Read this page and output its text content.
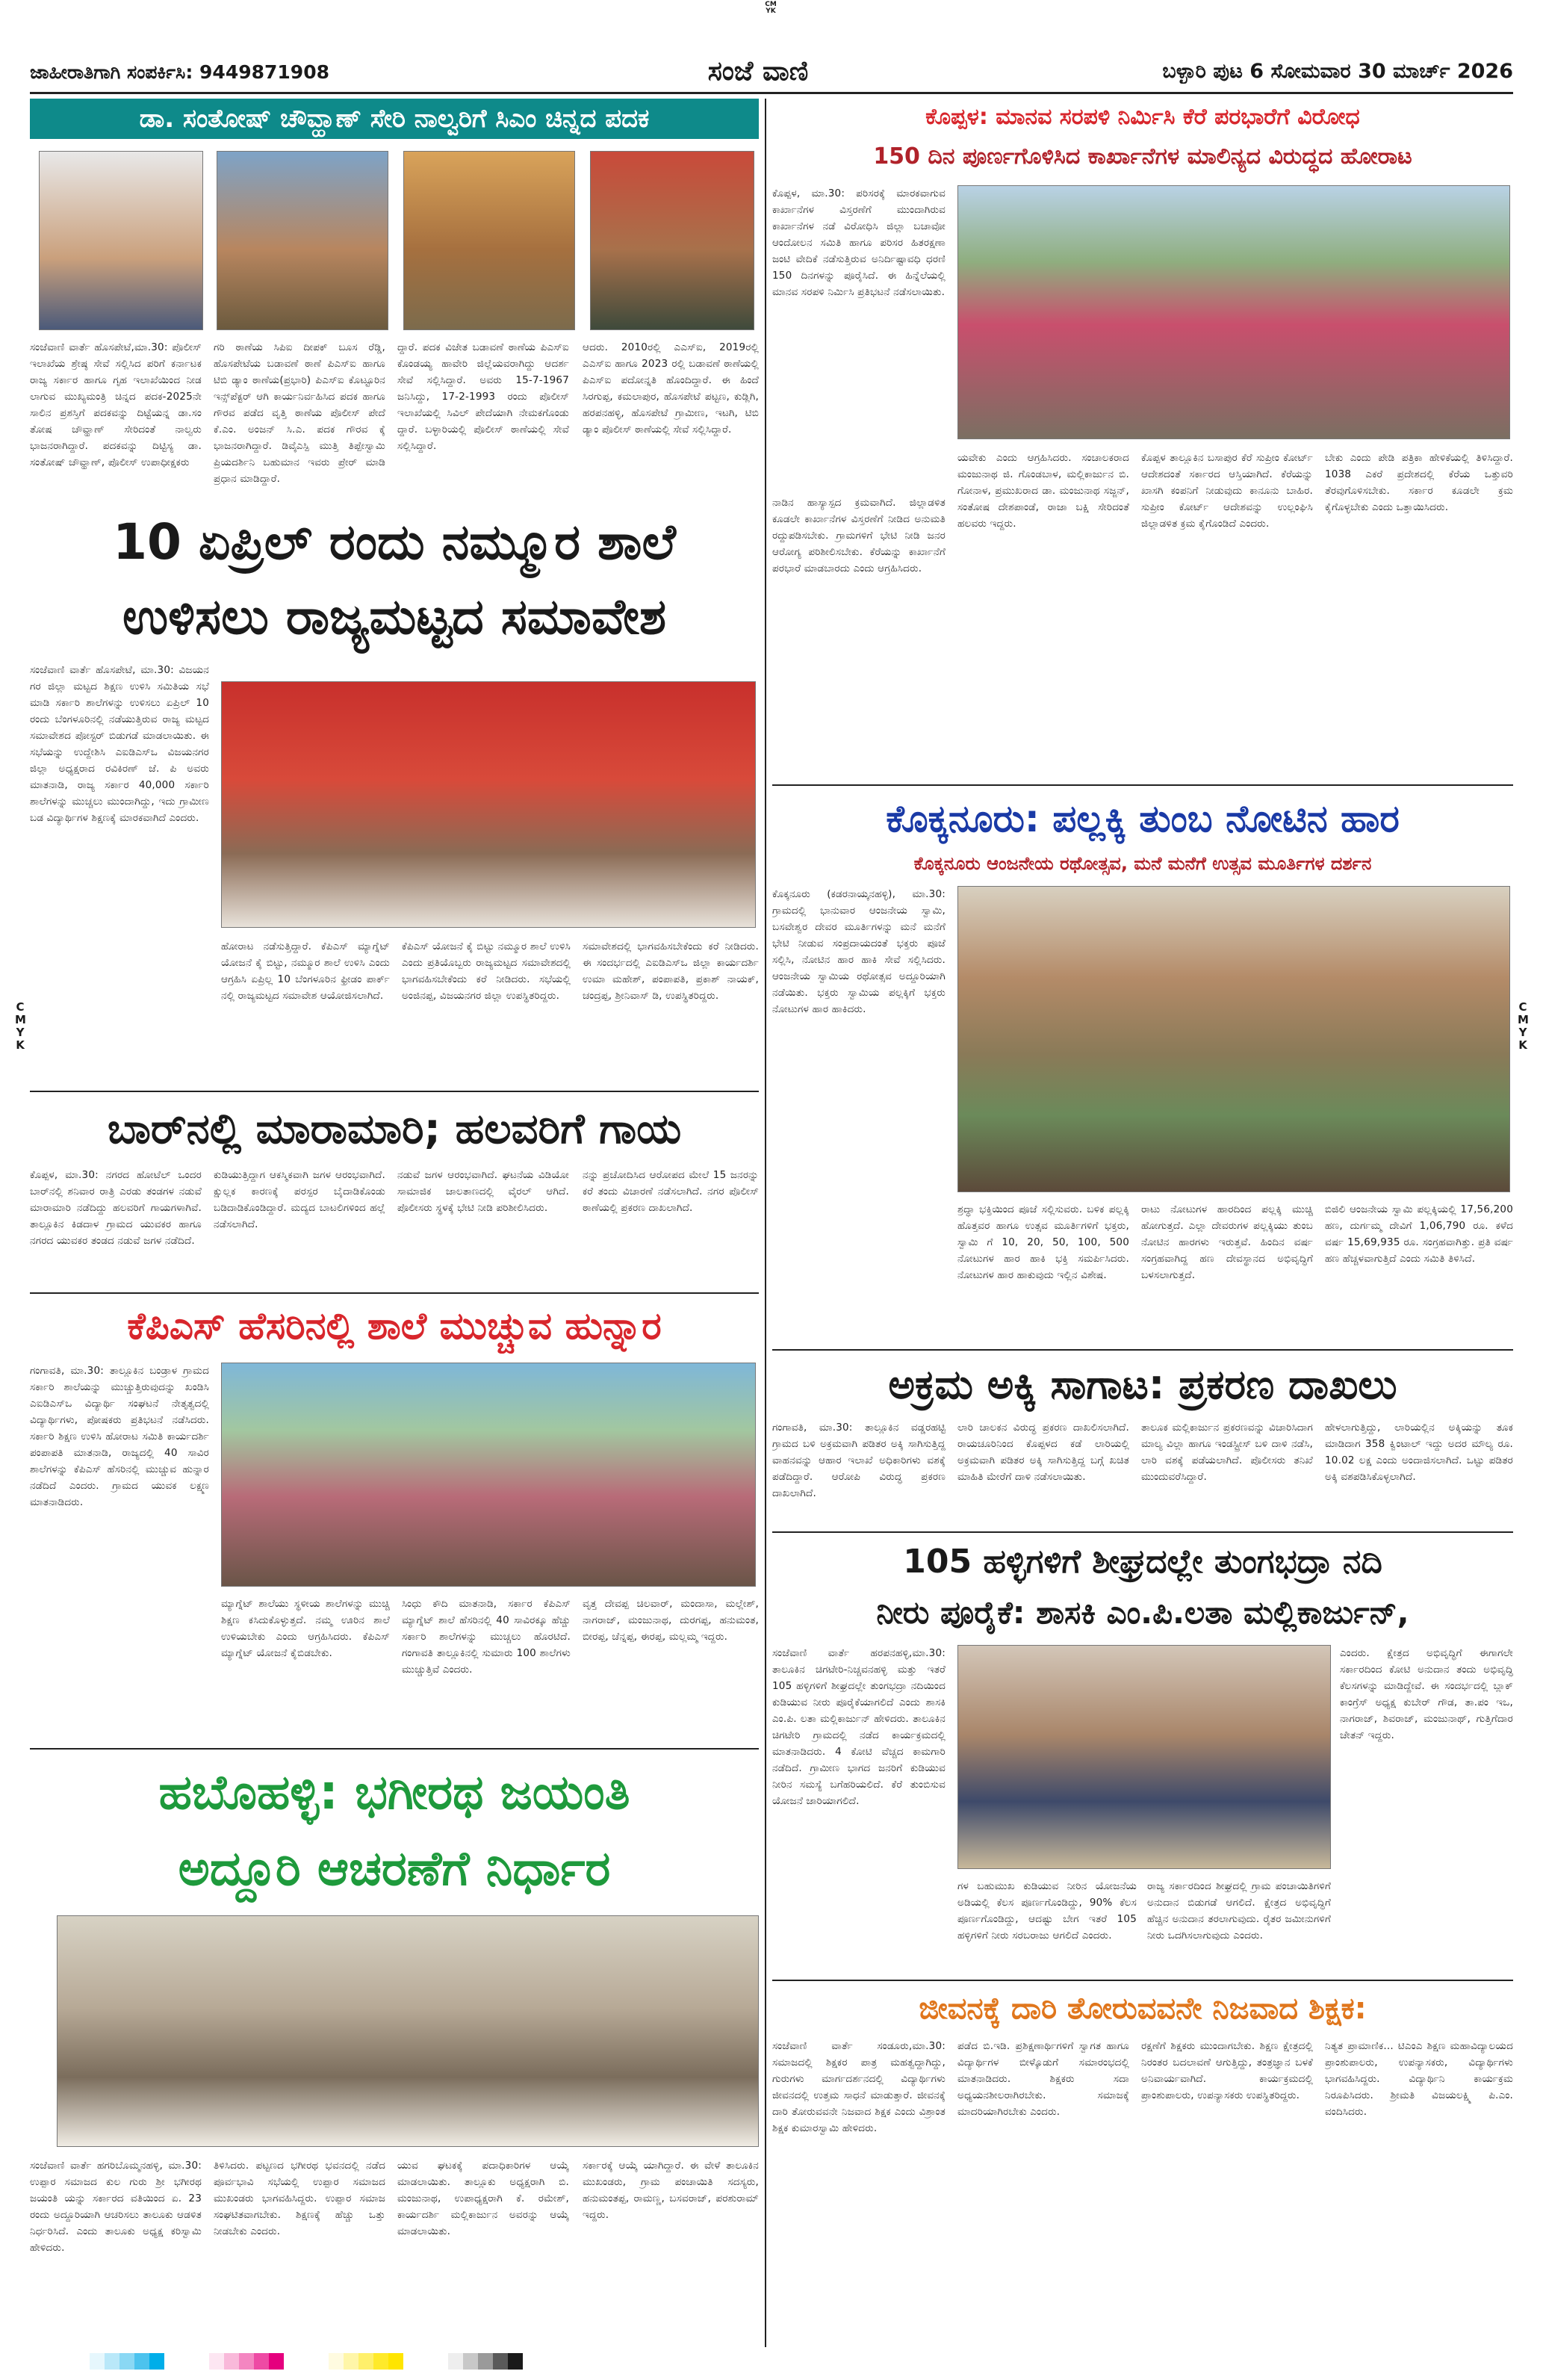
CMYK
CMYK
CMYK
ಜಾಹೀರಾತಿಗಾಗಿ ಸಂಪರ್ಕಿಸಿ: 9449871908	ಸಂಜೆ ವಾಣಿ	ಬಳ್ಳಾರಿ ಪುಟ 6 ಸೋಮವಾರ 30 ಮಾರ್ಚ್ 2026
ಡಾ. ಸಂತೋಷ್ ಚೌವ್ಹಾಣ್ ಸೇರಿ ನಾಲ್ವರಿಗೆ ಸಿಎಂ ಚಿನ್ನದ ಪದಕ
ಸಂಜೆವಾಣಿ ವಾರ್ತೆ ಹೊಸಪೇಟೆ,ಮಾ.30: ಪೊಲೀಸ್ ಇಲಾಖೆಯ ಶ್ರೇಷ್ಠ ಸೇವೆ ಸಲ್ಲಿಸಿದ ಪರಿಗೆ ಕರ್ನಾಟಕ ರಾಜ್ಯ ಸರ್ಕಾರ ಹಾಗೂ ಗೃಹ ಇಲಾಖೆಯಿಂದ ನೀಡ ಲಾಗುವ ಮುಖ್ಯಮಂತ್ರಿ ಚಿನ್ನದ ಪದಕ-2025ನೇ ಸಾಲಿನ ಪ್ರಶಸ್ತಿಗೆ ಪದಕವನ್ನು ದಿಟ್ಟೆಯನ್ನ ಡಾ.ಸಂ ತೋಷ ಚೌವ್ಹಾಣ್ ಸೇರಿದಂತೆ ನಾಲ್ವರು ಭಾಜನರಾಗಿದ್ದಾರೆ. ಪದಕವನ್ನು ದಿಟ್ಟಿಸ್ಯ ಡಾ. ಸಂತೋಷ್ ಚೌವ್ಹಾಣ್, ಪೊಲೀಸ್ ಉಪಾಧೀಕ್ಷಕರು
ಗರಿ ಠಾಣೆಯ ಸಿಪಿಐ ದೀಪಕ್ ಬೂಸ ರೆಡ್ಡಿ, ಹೊಸಪೇಟೆಯ ಬಡಾವಣೆ ಠಾಣೆ ಪಿಎಸ್‌ಐ ಹಾಗೂ ಟಿಬಿ ಡ್ಯಾಂ ಠಾಣೆಯ(ಪ್ರಭಾರಿ) ಪಿಎಸ್‌ಐ ಕೊಟ್ಟೂರಿನ ಇನ್ಸ್‌ಪೆಕ್ಟರ್ ಆಗಿ ಕಾರ್ಯನಿರ್ವಹಿಸಿದ ಪದಕ ಹಾಗೂ ಗೌರವ ಪಡೆದ ವೃತ್ತಿ ಠಾಣೆಯ ಪೊಲೀಸ್ ಪೇದೆ ಕೆ.ಎಂ. ಅಂಜನ್ ಸಿ.ಎ. ಪದಕ ಗೌರವ ಕ್ಕೆ ಭಾಜನರಾಗಿದ್ದಾರೆ. ಡಿವೈಎಸ್ಪಿ ಮುತ್ತಿ ತಿಪ್ಪೇಸ್ವಾಮಿ ಪ್ರಿಯದರ್ಶಿನಿ ಬಹುಮಾನ ಇವರು ಪ್ರೇರ್ ಮಾಡಿ ಪ್ರಧಾನ ಮಾಡಿದ್ದಾರೆ.
ದ್ದಾರೆ. ಪದಕ ವಿಜೇತ ಬಡಾವಣೆ ಠಾಣೆಯ ಪಿಎಸ್‌ಐ ಕೊಂಡಯ್ಯ ಹಾವೇರಿ ಜಿಲ್ಲೆಯವರಾಗಿದ್ದು ಆದರ್ಶ ಸೇವೆ ಸಲ್ಲಿಸಿದ್ದಾರೆ. ಅವರು 15-7-1967 ಜನಿಸಿದ್ದು, 17-2-1993 ರಂದು ಪೊಲೀಸ್ ಇಲಾಖೆಯಲ್ಲಿ ಸಿವಿಲ್ ಪೇದೆಯಾಗಿ ನೇಮಕಗೊಂಡು ದ್ದಾರೆ. ಬಳ್ಳಾರಿಯಲ್ಲಿ ಪೊಲೀಸ್ ಠಾಣೆಯಲ್ಲಿ ಸೇವೆ ಸಲ್ಲಿಸಿದ್ದಾರೆ.
ಆದರು. 2010ರಲ್ಲಿ ಎಎಸ್ಐ, 2019ರಲ್ಲಿ ಎಎಸ್ಐ ಹಾಗೂ 2023 ರಲ್ಲಿ ಬಡಾವಣೆ ಠಾಣೆಯಲ್ಲಿ ಪಿಎಸ್‌ಐ ಪದೋನ್ನತಿ ಹೊಂದಿದ್ದಾರೆ. ಈ ಹಿಂದೆ ಸಿರಗುಪ್ಪ, ಕಮಲಾಪುರ, ಹೊಸಪೇಟೆ ಪಟ್ಟಣ, ಕುಡ್ಲಿಗಿ, ಹರಪನಹಳ್ಳಿ, ಹೊಸಪೇಟೆ ಗ್ರಾಮೀಣ, ಇಟಗಿ, ಟಿಬಿ ಡ್ಯಾಂ ಪೊಲೀಸ್ ಠಾಣೆಯಲ್ಲಿ ಸೇವೆ ಸಲ್ಲಿಸಿದ್ದಾರೆ.
10 ಏಪ್ರಿಲ್ ರಂದು ನಮ್ಮೂರ ಶಾಲೆ
ಉಳಿಸಲು ರಾಜ್ಯಮಟ್ಟದ ಸಮಾವೇಶ
ಸಂಜೆವಾಣಿ ವಾರ್ತೆ ಹೊಸಪೇಟೆ, ಮಾ.30: ವಿಜಯನ ಗರ ಜಿಲ್ಲಾ ಮಟ್ಟದ ಶಿಕ್ಷಣ ಉಳಿಸಿ ಸಮಿತಿಯ ಸಭೆ ಮಾಡಿ ಸರ್ಕಾರಿ ಶಾಲೆಗಳನ್ನು ಉಳಿಸಲು ಏಪ್ರಿಲ್ 10 ರಂದು ಬೆಂಗಳೂರಿನಲ್ಲಿ ನಡೆಯುತ್ತಿರುವ ರಾಜ್ಯ ಮಟ್ಟದ ಸಮಾವೇಶದ ಪೋಸ್ಟರ್ ಬಿಡುಗಡೆ ಮಾಡಲಾಯಿತು. ಈ ಸಭೆಯನ್ನು ಉದ್ದೇಶಿಸಿ ಎಐಡಿಎಸ್ಒ ವಿಜಯನಗರ ಜಿಲ್ಲಾ ಅಧ್ಯಕ್ಷರಾದ ರವಿಕಿರಣ್ ಜೆ. ಪಿ ಅವರು ಮಾತನಾಡಿ, ರಾಜ್ಯ ಸರ್ಕಾರ 40,000 ಸರ್ಕಾರಿ ಶಾಲೆಗಳನ್ನು ಮುಚ್ಚಲು ಮುಂದಾಗಿದ್ದು, ಇದು ಗ್ರಾಮೀಣ ಬಡ ವಿದ್ಯಾರ್ಥಿಗಳ ಶಿಕ್ಷಣಕ್ಕೆ ಮಾರಕವಾಗಿದೆ ಎಂದರು.
ಹೋರಾಟ ನಡೆಸುತ್ತಿದ್ದಾರೆ. ಕೆಪಿಎಸ್ ಮ್ಯಾಗ್ನೆಟ್ ಯೋಜನೆ ಕೈ ಬಿಟ್ಟು, ನಮ್ಮೂರ ಶಾಲೆ ಉಳಿಸಿ ಎಂದು ಆಗ್ರಹಿಸಿ ಏಪ್ರಿಲ್ಲ 10 ಬೆಂಗಳೂರಿನ ಫ್ರೀಡಂ ಪಾರ್ಕ್ ನಲ್ಲಿ ರಾಜ್ಯಮಟ್ಟದ ಸಮಾವೇಶ ಆಯೋಜಿಸಲಾಗಿದೆ.
ಕೆಪಿಎಸ್ ಯೋಜನೆ ಕೈ ಬಿಟ್ಟು ನಮ್ಮೂರ ಶಾಲೆ ಉಳಿಸಿ ಎಂದು ಪ್ರತಿಯೊಬ್ಬರು ರಾಜ್ಯಮಟ್ಟದ ಸಮಾವೇಶದಲ್ಲಿ ಭಾಗವಹಿಸಬೇಕೆಂದು ಕರೆ ನೀಡಿದರು. ಸಭೆಯಲ್ಲಿ ಅಂಜಿನಪ್ಪ, ವಿಜಯನಗರ ಜಿಲ್ಲಾ ಉಪಸ್ಥಿತರಿದ್ದರು.
ಸಮಾವೇಶದಲ್ಲಿ ಭಾಗವಹಿಸಬೇಕೆಂದು ಕರೆ ನೀಡಿದರು. ಈ ಸಂದರ್ಭದಲ್ಲಿ ಎಐಡಿಎಸ್ಒ ಜಿಲ್ಲಾ ಕಾರ್ಯದರ್ಶಿ ಉಮಾ ಮಹೇಶ್, ಪಂಪಾಪತಿ, ಪ್ರಕಾಶ್ ನಾಯಕ್, ಚಂದ್ರಪ್ಪ, ಶ್ರೀನಿವಾಸ್ ಡಿ, ಉಪಸ್ಥಿತರಿದ್ದರು.
ಬಾರ್‌ನಲ್ಲಿ ಮಾರಾಮಾರಿ; ಹಲವರಿಗೆ ಗಾಯ
ಕೊಪ್ಪಳ, ಮಾ.30: ನಗರದ ಹೋಟೆಲ್ ಒಂದರ ಬಾರ್‌ನಲ್ಲಿ ಶನಿವಾರ ರಾತ್ರಿ ಎರಡು ತಂಡಗಳ ನಡುವೆ ಮಾರಾಮಾರಿ ನಡೆದಿದ್ದು ಹಲವರಿಗೆ ಗಾಯಗಳಾಗಿವೆ. ತಾಲ್ಲೂಕಿನ ಕಿಡದಾಳ ಗ್ರಾಮದ ಯುವಕರ ಹಾಗೂ ನಗರದ ಯುವಕರ ತಂಡದ ನಡುವೆ ಜಗಳ ನಡೆದಿದೆ.
ಕುಡಿಯುತ್ತಿದ್ದಾಗ ಆಕಸ್ಮಿಕವಾಗಿ ಜಗಳ ಆರಂಭವಾಗಿದೆ. ಕ್ಷುಲ್ಲಕ ಕಾರಣಕ್ಕೆ ಪರಸ್ಪರ ಬೈದಾಡಿಕೊಂಡು ಬಡಿದಾಡಿಕೊಂಡಿದ್ದಾರೆ. ಮದ್ಯದ ಬಾಟಲಿಗಳಿಂದ ಹಲ್ಲೆ ನಡೆಸಲಾಗಿದೆ.
ನಡುವೆ ಜಗಳ ಆರಂಭವಾಗಿದೆ. ಘಟನೆಯ ವಿಡಿಯೋ ಸಾಮಾಜಿಕ ಜಾಲತಾಣದಲ್ಲಿ ವೈರಲ್ ಆಗಿದೆ. ಪೊಲೀಸರು ಸ್ಥಳಕ್ಕೆ ಭೇಟಿ ನೀಡಿ ಪರಿಶೀಲಿಸಿದರು.
ನನ್ನು ಪ್ರಚೋದಿಸಿದ ಆರೋಪದ ಮೇಲೆ 15 ಜನರನ್ನು ಕರೆ ತಂದು ವಿಚಾರಣೆ ನಡೆಸಲಾಗಿದೆ. ನಗರ ಪೊಲೀಸ್ ಠಾಣೆಯಲ್ಲಿ ಪ್ರಕರಣ ದಾಖಲಾಗಿದೆ.
ಕೆಪಿಎಸ್ ಹೆಸರಿನಲ್ಲಿ ಶಾಲೆ ಮುಚ್ಚುವ ಹುನ್ನಾರ
ಗಂಗಾವತಿ, ಮಾ.30: ತಾಲ್ಲೂಕಿನ ಬಂಡ್ರಾಳ ಗ್ರಾಮದ ಸರ್ಕಾರಿ ಶಾಲೆಯನ್ನು ಮುಚ್ಚುತ್ತಿರುವುದನ್ನು ಖಂಡಿಸಿ ಎಐಡಿಎಸ್ಒ ವಿದ್ಯಾರ್ಥಿ ಸಂಘಟನೆ ನೇತೃತ್ವದಲ್ಲಿ ವಿದ್ಯಾರ್ಥಿಗಳು, ಪೋಷಕರು ಪ್ರತಿಭಟನೆ ನಡೆಸಿದರು. ಸರ್ಕಾರಿ ಶಿಕ್ಷಣ ಉಳಿಸಿ ಹೋರಾಟ ಸಮಿತಿ ಕಾರ್ಯದರ್ಶಿ ಪಂಪಾಪತಿ ಮಾತನಾಡಿ, ರಾಜ್ಯದಲ್ಲಿ 40 ಸಾವಿರ ಶಾಲೆಗಳನ್ನು ಕೆಪಿಎಸ್ ಹೆಸರಿನಲ್ಲಿ ಮುಚ್ಚುವ ಹುನ್ನಾರ ನಡೆದಿದೆ ಎಂದರು. ಗ್ರಾಮದ ಯುವಕ ಲಕ್ಷ್ಮಣ ಮಾತನಾಡಿದರು.
ಮ್ಯಾಗ್ನೆಟ್ ಶಾಲೆಯು ಸ್ಥಳೀಯ ಶಾಲೆಗಳನ್ನು ಮುಚ್ಚಿ ಶಿಕ್ಷಣ ಕಸಿದುಕೊಳ್ಳುತ್ತದೆ. ನಮ್ಮ ಊರಿನ ಶಾಲೆ ಉಳಿಯಬೇಕು ಎಂದು ಆಗ್ರಹಿಸಿದರು. ಕೆಪಿಎಸ್ ಮ್ಯಾಗ್ನೆಟ್ ಯೋಜನೆ ಕೈಬಿಡಬೇಕು.
ಸಿಂಧು ಕೌದಿ ಮಾತನಾಡಿ, ಸರ್ಕಾರ ಕೆಪಿಎಸ್ ಮ್ಯಾಗ್ನೆಟ್ ಶಾಲೆ ಹೆಸರಿನಲ್ಲಿ 40 ಸಾವಿರಕ್ಕೂ ಹೆಚ್ಚು ಸರ್ಕಾರಿ ಶಾಲೆಗಳನ್ನು ಮುಚ್ಚಲು ಹೊರಟಿದೆ. ಗಂಗಾವತಿ ತಾಲ್ಲೂಕಿನಲ್ಲಿ ಸುಮಾರು 100 ಶಾಲೆಗಳು ಮುಚ್ಚುತ್ತಿವೆ ಎಂದರು.
ವೃತ್ತ ದೇವಪ್ಪ ಚಿಲವಾರ್, ಮಂದಾಸಾ, ಮಲ್ಲೇಶ್, ನಾಗರಾಜ್, ಮಂಜುನಾಥ, ದುರಗಪ್ಪ, ಹನುಮಂತ, ಬೀರಪ್ಪ, ಚೆನ್ನಪ್ಪ, ಈರಪ್ಪ, ಮಲ್ಲಮ್ಮ ಇದ್ದರು.
ಹಬೊಹಳ್ಳಿ: ಭಗೀರಥ ಜಯಂತಿ
ಅದ್ದೂರಿ ಆಚರಣೆಗೆ ನಿರ್ಧಾರ
ಸಂಜೆವಾಣಿ ವಾರ್ತೆ ಹಗರಿಬೊಮ್ಮನಹಳ್ಳಿ, ಮಾ.30: ಉಪ್ಪಾರ ಸಮಾಜದ ಕುಲ ಗುರು ಶ್ರೀ ಭಗೀರಥ ಜಯಂತಿ ಯನ್ನು ಸರ್ಕಾರದ ವತಿಯಿಂದ ಏ. 23 ರಂದು ಅದ್ದೂರಿಯಾಗಿ ಆಚರಿಸಲು ತಾಲೂಕು ಆಡಳಿತ ನಿರ್ಧರಿಸಿದೆ. ಎಂದು ತಾಲೂಕು ಅಧ್ಯಕ್ಷ ಕರಿಸ್ವಾಮಿ ಹೇಳಿದರು.
ತಿಳಿಸಿದರು. ಪಟ್ಟಣದ ಭಗೀರಥ ಭವನದಲ್ಲಿ ನಡೆದ ಪೂರ್ವಭಾವಿ ಸಭೆಯಲ್ಲಿ ಉಪ್ಪಾರ ಸಮಾಜದ ಮುಖಂಡರು ಭಾಗವಹಿಸಿದ್ದರು. ಉಪ್ಪಾರ ಸಮಾಜ ಸಂಘಟಿತವಾಗಬೇಕು. ಶಿಕ್ಷಣಕ್ಕೆ ಹೆಚ್ಚು ಒತ್ತು ನೀಡಬೇಕು ಎಂದರು.
ಯುವ ಘಟಕಕ್ಕೆ ಪದಾಧಿಕಾರಿಗಳ ಆಯ್ಕೆ ಮಾಡಲಾಯಿತು. ತಾಲ್ಲೂಕು ಅಧ್ಯಕ್ಷರಾಗಿ ಬಿ. ಮಂಜುನಾಥ, ಉಪಾಧ್ಯಕ್ಷರಾಗಿ ಕೆ. ರಮೇಶ್, ಕಾರ್ಯದರ್ಶಿ ಮಲ್ಲಿಕಾರ್ಜುನ ಅವರನ್ನು ಆಯ್ಕೆ ಮಾಡಲಾಯಿತು.
ಸರ್ಕಾರಕ್ಕೆ ಆಯ್ಕೆ ಯಾಗಿದ್ದಾರೆ. ಈ ವೇಳೆ ತಾಲೂಕಿನ ಮುಖಂಡರು, ಗ್ರಾಮ ಪಂಚಾಯಿತಿ ಸದಸ್ಯರು, ಹನುಮಂತಪ್ಪ, ರಾಮಣ್ಣ, ಬಸವರಾಜ್, ಪರಶುರಾಮ್ ಇದ್ದರು.
ಕೊಪ್ಪಳ: ಮಾನವ ಸರಪಳಿ ನಿರ್ಮಿಸಿ ಕೆರೆ ಪರಭಾರೆಗೆ ವಿರೋಧ
150 ದಿನ ಪೂರ್ಣಗೊಳಿಸಿದ ಕಾರ್ಖಾನೆಗಳ ಮಾಲಿನ್ಯದ ವಿರುದ್ಧದ ಹೋರಾಟ
ಕೊಪ್ಪಳ, ಮಾ.30: ಪರಿಸರಕ್ಕೆ ಮಾರಕವಾಗುವ ಕಾರ್ಖಾನೆಗಳ ವಿಸ್ತರಣೆಗೆ ಮುಂದಾಗಿರುವ ಕಾರ್ಖಾನೆಗಳ ನಡೆ ವಿರೋಧಿಸಿ ಜಿಲ್ಲಾ ಬಚಾವೋ ಆಂದೋಲನ ಸಮಿತಿ ಹಾಗೂ ಪರಿಸರ ಹಿತರಕ್ಷಣಾ ಜಂಟಿ ವೇದಿಕೆ ನಡೆಸುತ್ತಿರುವ ಅನಿರ್ದಿಷ್ಟಾವಧಿ ಧರಣಿ 150 ದಿನಗಳನ್ನು ಪೂರೈಸಿದೆ. ಈ ಹಿನ್ನೆಲೆಯಲ್ಲಿ ಮಾನವ ಸರಪಳಿ ನಿರ್ಮಿಸಿ ಪ್ರತಿಭಟನೆ ನಡೆಸಲಾಯಿತು.
ನಾಡಿನ ಹಾಸ್ಯಾಸ್ಪದ ಕ್ರಮವಾಗಿದೆ. ಜಿಲ್ಲಾಡಳಿತ ಕೂಡಲೇ ಕಾರ್ಖಾನೆಗಳ ವಿಸ್ತರಣೆಗೆ ನೀಡಿದ ಅನುಮತಿ ರದ್ದುಪಡಿಸಬೇಕು. ಗ್ರಾಮಗಳಿಗೆ ಭೇಟಿ ನೀಡಿ ಜನರ ಆರೋಗ್ಯ ಪರಿಶೀಲಿಸಬೇಕು. ಕೆರೆಯನ್ನು ಕಾರ್ಖಾನೆಗೆ ಪರಭಾರೆ ಮಾಡಬಾರದು ಎಂದು ಆಗ್ರಹಿಸಿದರು.
ಯವೇಕು ಎಂದು ಆಗ್ರಹಿಸಿದರು. ಸಂಚಾಲಕರಾದ ಮಂಜುನಾಥ ಜಿ. ಗೊಂಡಬಾಳ, ಮಲ್ಲಿಕಾರ್ಜುನ ಬಿ. ಗೋನಾಳ, ಪ್ರಮುಖರಾದ ಡಾ. ಮಂಜುನಾಥ ಸಜ್ಜನ್, ಸಂತೋಷ ದೇಶಪಾಂಡೆ, ರಾಜಾ ಬಕ್ಷಿ ಸೇರಿದಂತೆ ಹಲವರು ಇದ್ದರು.
ಕೊಪ್ಪಳ ತಾಲ್ಲೂಕಿನ ಬಸಾಪುರ ಕೆರೆ ಸುಪ್ರೀಂ ಕೋರ್ಟ್ ಆದೇಶದಂತೆ ಸರ್ಕಾರದ ಆಸ್ತಿಯಾಗಿದೆ. ಕೆರೆಯನ್ನು ಖಾಸಗಿ ಕಂಪನಿಗೆ ನೀಡುವುದು ಕಾನೂನು ಬಾಹಿರ. ಸುಪ್ರೀಂ ಕೋರ್ಟ್ ಆದೇಶವನ್ನು ಉಲ್ಲಂಘಿಸಿ ಜಿಲ್ಲಾಡಳಿತ ಕ್ರಮ ಕೈಗೊಂಡಿದೆ ಎಂದರು.
ಬೇಕು ಎಂದು ಪೇಡಿ ಪತ್ರಿಕಾ ಹೇಳಿಕೆಯಲ್ಲಿ ತಿಳಿಸಿದ್ದಾರೆ. 1038 ಎಕರೆ ಪ್ರದೇಶದಲ್ಲಿ ಕೆರೆಯ ಒತ್ತುವರಿ ತೆರವುಗೊಳಿಸಬೇಕು. ಸರ್ಕಾರ ಕೂಡಲೇ ಕ್ರಮ ಕೈಗೊಳ್ಳಬೇಕು ಎಂದು ಒತ್ತಾಯಿಸಿದರು.
ಕೊಕ್ಕನೂರು: ಪಲ್ಲಕ್ಕಿ ತುಂಬ ನೋಟಿನ ಹಾರ
ಕೊಕ್ಕನೂರು ಆಂಜನೇಯ ರಥೋತ್ಸವ, ಮನೆ ಮನೆಗೆ ಉತ್ಸವ ಮೂರ್ತಿಗಳ ದರ್ಶನ
ಕೊಕ್ಕನೂರು (ಕಡರನಾಯ್ಕನಹಳ್ಳಿ), ಮಾ.30: ಗ್ರಾಮದಲ್ಲಿ ಭಾನುವಾರ ಆಂಜನೇಯ ಸ್ವಾಮಿ, ಬಸವೇಶ್ವರ ದೇವರ ಮೂರ್ತಿಗಳನ್ನು ಮನೆ ಮನೆಗೆ ಭೇಟಿ ನೀಡುವ ಸಂಪ್ರದಾಯದಂತೆ ಭಕ್ತರು ಪೂಜೆ ಸಲ್ಲಿಸಿ, ನೋಟಿನ ಹಾರ ಹಾಕಿ ಸೇವೆ ಸಲ್ಲಿಸಿದರು. ಆಂಜನೇಯ ಸ್ವಾಮಿಯ ರಥೋತ್ಸವ ಅದ್ದೂರಿಯಾಗಿ ನಡೆಯಿತು. ಭಕ್ತರು ಸ್ವಾಮಿಯ ಪಲ್ಲಕ್ಕಿಗೆ ಭಕ್ತರು ನೋಟುಗಳ ಹಾರ ಹಾಕಿದರು.
ಶ್ರದ್ಧಾ ಭಕ್ತಿಯಿಂದ ಪೂಜೆ ಸಲ್ಲಿಸುವರು. ಬಳಿಕ ಪಲ್ಲಕ್ಕಿ ಹೊತ್ತವರ ಹಾಗೂ ಉತ್ಸವ ಮೂರ್ತಿಗಳಿಗೆ ಭಕ್ತರು, ಸ್ವಾಮಿ ಗೆ 10, 20, 50, 100, 500 ನೋಟುಗಳ ಹಾರ ಹಾಕಿ ಭಕ್ತಿ ಸಮರ್ಪಿಸಿದರು. ನೋಟುಗಳ ಹಾರ ಹಾಕುವುದು ಇಲ್ಲಿನ ವಿಶೇಷ.
ರಾಟು ನೋಟುಗಳ ಹಾರದಿಂದ ಪಲ್ಲಕ್ಕಿ ಮುಚ್ಚಿ ಹೋಗುತ್ತದೆ. ಎಲ್ಲಾ ದೇವರುಗಳ ಪಲ್ಲಕ್ಕಿಯು ತುಂಬ ನೋಟಿನ ಹಾರಗಳು ಇರುತ್ತವೆ. ಹಿಂದಿನ ವರ್ಷ ಸಂಗ್ರಹವಾಗಿದ್ದ ಹಣ ದೇವಸ್ಥಾನದ ಅಭಿವೃದ್ಧಿಗೆ ಬಳಸಲಾಗುತ್ತದೆ.
ಬಿಜಿಲಿ ಆಂಜನೇಯ ಸ್ವಾಮಿ ಪಲ್ಲಕ್ಕಿಯಲ್ಲಿ 17,56,200 ಹಣ, ದುರ್ಗಮ್ಮ ದೇವಿಗೆ 1,06,790 ರೂ. ಕಳೆದ ವರ್ಷ 15,69,935 ರೂ. ಸಂಗ್ರಹವಾಗಿತ್ತು. ಪ್ರತಿ ವರ್ಷ ಹಣ ಹೆಚ್ಚಳವಾಗುತ್ತಿದೆ ಎಂದು ಸಮಿತಿ ತಿಳಿಸಿದೆ.
ಅಕ್ರಮ ಅಕ್ಕಿ ಸಾಗಾಟ: ಪ್ರಕರಣ ದಾಖಲು
ಗಂಗಾವತಿ, ಮಾ.30: ತಾಲ್ಲೂಕಿನ ವಡ್ಡರಹಟ್ಟಿ ಗ್ರಾಮದ ಬಳಿ ಅಕ್ರಮವಾಗಿ ಪಡಿತರ ಅಕ್ಕಿ ಸಾಗಿಸುತ್ತಿದ್ದ ವಾಹನವನ್ನು ಆಹಾರ ಇಲಾಖೆ ಅಧಿಕಾರಿಗಳು ವಶಕ್ಕೆ ಪಡೆದಿದ್ದಾರೆ. ಆರೋಪಿ ವಿರುದ್ಧ ಪ್ರಕರಣ ದಾಖಲಾಗಿದೆ.
ಲಾರಿ ಚಾಲಕನ ವಿರುದ್ಧ ಪ್ರಕರಣ ದಾಖಲಿಸಲಾಗಿದೆ. ರಾಯಚೂರಿನಿಂದ ಕೊಪ್ಪಳದ ಕಡೆ ಲಾರಿಯಲ್ಲಿ ಅಕ್ರಮವಾಗಿ ಪಡಿತರ ಅಕ್ಕಿ ಸಾಗಿಸುತ್ತಿದ್ದ ಬಗ್ಗೆ ಖಚಿತ ಮಾಹಿತಿ ಮೇರೆಗೆ ದಾಳಿ ನಡೆಸಲಾಯಿತು.
ತಾಲೂಕ ಮಲ್ಲಿಕಾರ್ಜುನ ಪ್ರಕರಣವನ್ನು ವಿಚಾರಿಸಿದಾಗ ಮಾಲ್ಯ ವಿಲ್ಲಾ ಹಾಗೂ ಇಂಡಸ್ಟ್ರೀಸ್ ಬಳಿ ದಾಳಿ ನಡೆಸಿ, ಲಾರಿ ವಶಕ್ಕೆ ಪಡೆಯಲಾಗಿದೆ. ಪೊಲೀಸರು ತನಿಖೆ ಮುಂದುವರೆಸಿದ್ದಾರೆ.
ಹೇಳಲಾಗುತ್ತಿದ್ದು, ಲಾರಿಯಲ್ಲಿನ ಅಕ್ಕಿಯನ್ನು ತೂಕ ಮಾಡಿದಾಗ 358 ಕ್ವಿಂಟಾಲ್ ಇದ್ದು ಅದರ ಮೌಲ್ಯ ರೂ. 10.02 ಲಕ್ಷ ಎಂದು ಅಂದಾಜಿಸಲಾಗಿದೆ. ಒಟ್ಟು ಪಡಿತರ ಅಕ್ಕಿ ವಶಪಡಿಸಿಕೊಳ್ಳಲಾಗಿದೆ.
105 ಹಳ್ಳಿಗಳಿಗೆ ಶೀಘ್ರದಲ್ಲೇ ತುಂಗಭದ್ರಾ ನದಿ
ನೀರು ಪೂರೈಕೆ: ಶಾಸಕಿ ಎಂ.ಪಿ.ಲತಾ ಮಲ್ಲಿಕಾರ್ಜುನ್,
ಸಂಜೆವಾಣಿ ವಾರ್ತೆ ಹರಪನಹಳ್ಳಿ,ಮಾ.30: ತಾಲೂಕಿನ ಚಿಗಟೇರಿ-ನಿಚ್ಚವನಹಳ್ಳಿ ಮತ್ತು ಇತರೆ 105 ಹಳ್ಳಿಗಳಿಗೆ ಶೀಘ್ರದಲ್ಲೇ ತುಂಗಭದ್ರಾ ನದಿಯಿಂದ ಕುಡಿಯುವ ನೀರು ಪೂರೈಕೆಯಾಗಲಿದೆ ಎಂದು ಶಾಸಕಿ ಎಂ.ಪಿ. ಲತಾ ಮಲ್ಲಿಕಾರ್ಜುನ್ ಹೇಳಿದರು. ತಾಲೂಕಿನ ಚಿಗಟೇರಿ ಗ್ರಾಮದಲ್ಲಿ ನಡೆದ ಕಾರ್ಯಕ್ರಮದಲ್ಲಿ ಮಾತನಾಡಿದರು. 4 ಕೋಟಿ ವೆಚ್ಚದ ಕಾಮಗಾರಿ ನಡೆದಿದೆ. ಗ್ರಾಮೀಣ ಭಾಗದ ಜನರಿಗೆ ಕುಡಿಯುವ ನೀರಿನ ಸಮಸ್ಯೆ ಬಗೆಹರಿಯಲಿದೆ. ಕೆರೆ ತುಂಬಿಸುವ ಯೋಜನೆ ಜಾರಿಯಾಗಲಿದೆ.
ಎಂದರು. ಕ್ಷೇತ್ರದ ಅಭಿವೃದ್ಧಿಗೆ ಈಗಾಗಲೇ ಸರ್ಕಾರದಿಂದ ಕೋಟಿ ಅನುದಾನ ತಂದು ಅಭಿವೃದ್ಧಿ ಕೆಲಸಗಳನ್ನು ಮಾಡಿದ್ದೇವೆ. ಈ ಸಂದರ್ಭದಲ್ಲಿ ಬ್ಲಾಕ್ ಕಾಂಗ್ರೆಸ್ ಅಧ್ಯಕ್ಷ ಕುಬೇರ್ ಗೌಡ, ತಾ.ಪಂ ಇಒ, ನಾಗರಾಜ್, ಶಿವರಾಜ್, ಮಂಜುನಾಥ್, ಗುತ್ತಿಗೆದಾರ ಚೇತನ್ ಇದ್ದರು.
ಗಳ ಬಹುಮುಖ ಕುಡಿಯುವ ನೀರಿನ ಯೋಜನೆಯ ಅಡಿಯಲ್ಲಿ ಕೆಲಸ ಪೂರ್ಣಗೊಂಡಿದ್ದು, 90% ಕೆಲಸ ಪೂರ್ಣಗೊಂಡಿದ್ದು, ಆದಷ್ಟು ಬೇಗ ಇತರೆ 105 ಹಳ್ಳಿಗಳಿಗೆ ನೀರು ಸರಬರಾಜು ಆಗಲಿದೆ ಎಂದರು.
ರಾಜ್ಯ ಸರ್ಕಾರದಿಂದ ಶೀಘ್ರದಲ್ಲಿ ಗ್ರಾಮ ಪಂಚಾಯಿತಿಗಳಿಗೆ ಅನುದಾನ ಬಿಡುಗಡೆ ಆಗಲಿದೆ. ಕ್ಷೇತ್ರದ ಅಭಿವೃದ್ಧಿಗೆ ಹೆಚ್ಚಿನ ಅನುದಾನ ತರಲಾಗುವುದು. ರೈತರ ಜಮೀನುಗಳಿಗೆ ನೀರು ಒದಗಿಸಲಾಗುವುದು ಎಂದರು.
ಜೀವನಕ್ಕೆ ದಾರಿ ತೋರುವವನೇ ನಿಜವಾದ ಶಿಕ್ಷಕ:
ಸಂಜೆವಾಣಿ ವಾರ್ತೆ ಸಂಡೂರು,ಮಾ.30: ಸಮಾಜದಲ್ಲಿ ಶಿಕ್ಷಕರ ಪಾತ್ರ ಮಹತ್ವದ್ದಾಗಿದ್ದು, ಗುರುಗಳು ಮಾರ್ಗದರ್ಶನದಲ್ಲಿ ವಿದ್ಯಾರ್ಥಿಗಳು ಜೀವನದಲ್ಲಿ ಉತ್ತಮ ಸಾಧನೆ ಮಾಡುತ್ತಾರೆ. ಜೀವನಕ್ಕೆ ದಾರಿ ತೋರುವವನೇ ನಿಜವಾದ ಶಿಕ್ಷಕ ಎಂದು ವಿಶ್ರಾಂತ ಶಿಕ್ಷಕ ಕುಮಾರಸ್ವಾಮಿ ಹೇಳಿದರು.
ಪಡೆದ ಬಿ.ಇಡಿ. ಪ್ರಶಿಕ್ಷಣಾರ್ಥಿಗಳಿಗೆ ಸ್ವಾಗತ ಹಾಗೂ ವಿದ್ಯಾರ್ಥಿಗಳ ಬೀಳ್ಕೊಡುಗೆ ಸಮಾರಂಭದಲ್ಲಿ ಮಾತನಾಡಿದರು. ಶಿಕ್ಷಕರು ಸದಾ ಅಧ್ಯಯನಶೀಲರಾಗಿರಬೇಕು. ಸಮಾಜಕ್ಕೆ ಮಾದರಿಯಾಗಿರಬೇಕು ಎಂದರು.
ರಕ್ಷಣೆಗೆ ಶಿಕ್ಷಕರು ಮುಂದಾಗಬೇಕು. ಶಿಕ್ಷಣ ಕ್ಷೇತ್ರದಲ್ಲಿ ನಿರಂತರ ಬದಲಾವಣೆ ಆಗುತ್ತಿದ್ದು, ತಂತ್ರಜ್ಞಾನ ಬಳಕೆ ಅನಿವಾರ್ಯವಾಗಿದೆ. ಕಾರ್ಯಕ್ರಮದಲ್ಲಿ ಪ್ರಾಂಶುಪಾಲರು, ಉಪನ್ಯಾಸಕರು ಉಪಸ್ಥಿತರಿದ್ದರು.
ನಿತ್ಯತ ಪ್ರಾಮಾಣಿಕ... ಟಿಎಂಎ ಶಿಕ್ಷಣ ಮಹಾವಿದ್ಯಾಲಯದ ಪ್ರಾಂಶುಪಾಲರು, ಉಪನ್ಯಾಸಕರು, ವಿದ್ಯಾರ್ಥಿಗಳು ಭಾಗವಹಿಸಿದ್ದರು. ವಿದ್ಯಾರ್ಥಿನಿ ಕಾರ್ಯಕ್ರಮ ನಿರೂಪಿಸಿದರು. ಶ್ರೀಮತಿ ವಿಜಯಲಕ್ಷ್ಮಿ ಪಿ.ಎಂ. ವಂದಿಸಿದರು.
